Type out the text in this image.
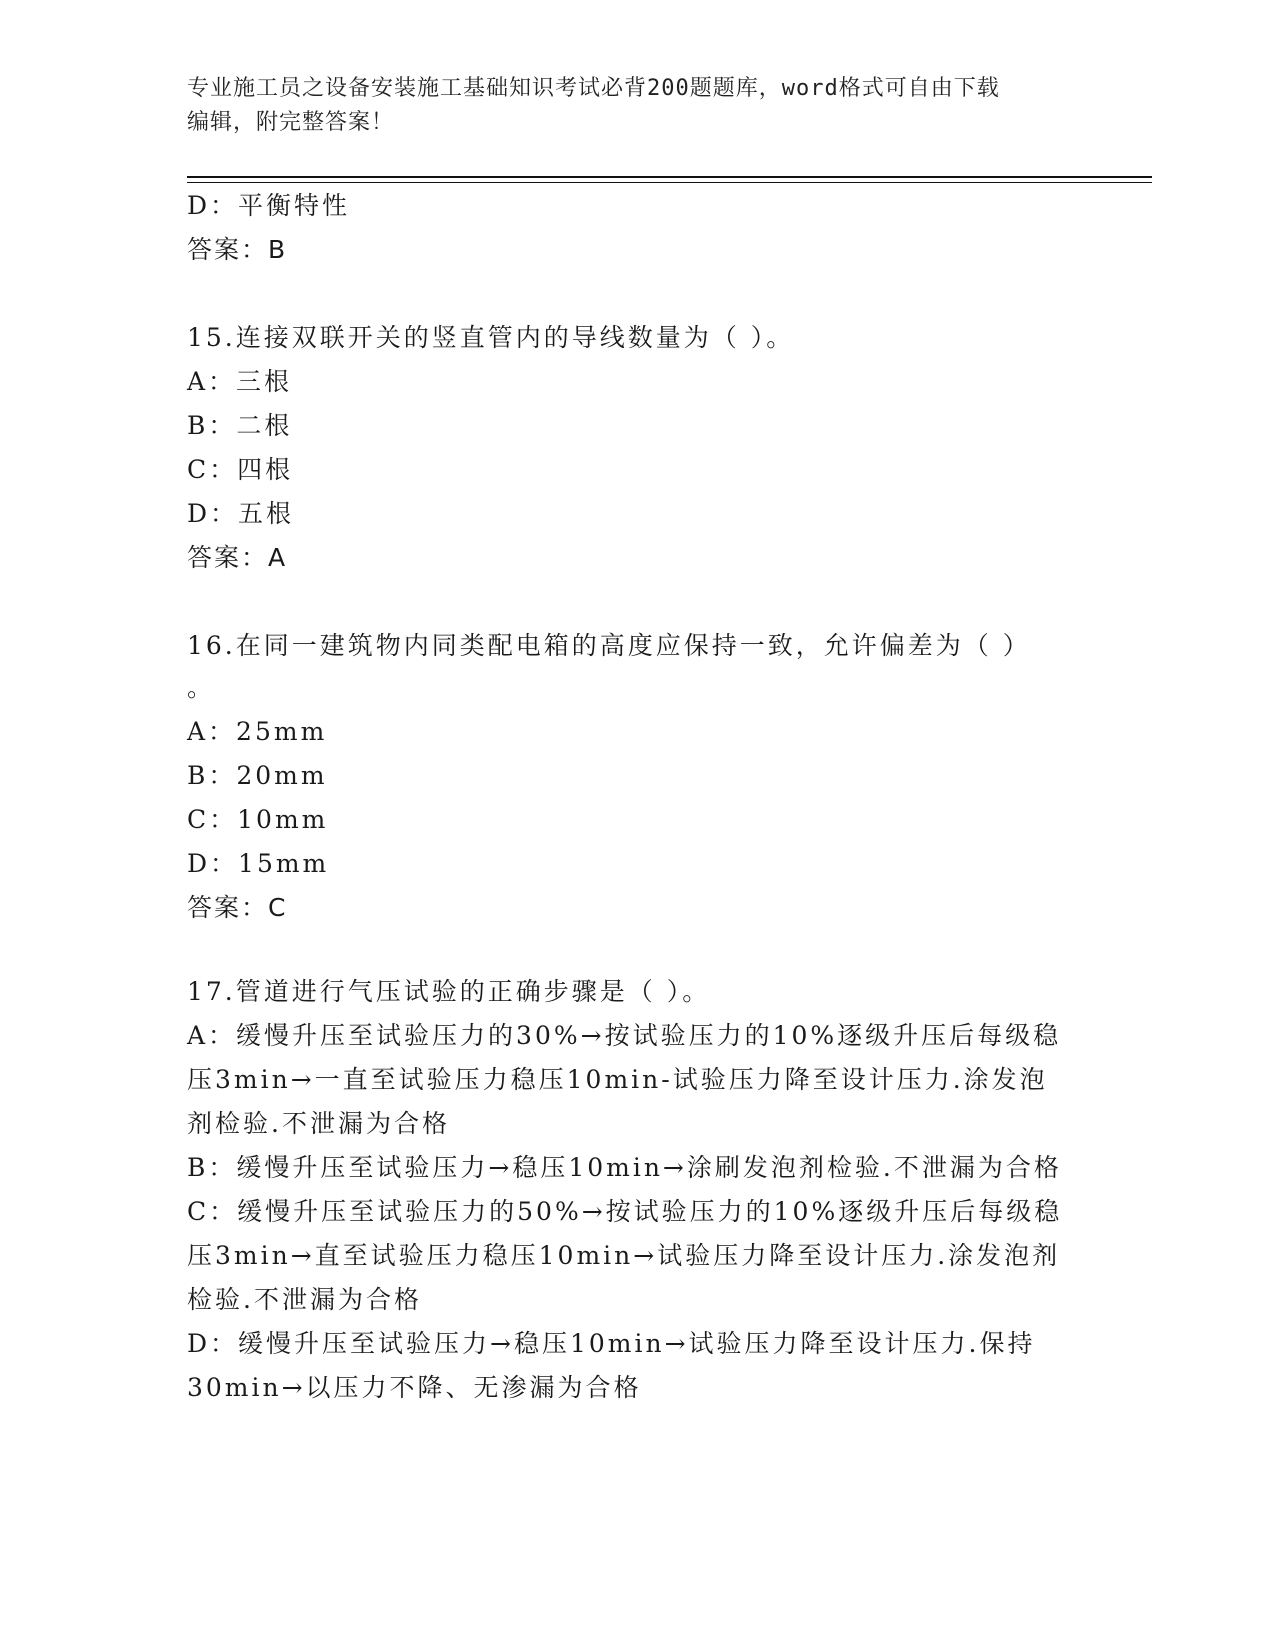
专业施工员之设备安装施工基础知识考试必背200题题库，word格式可自由下载
编辑，附完整答案！
D：平衡特性
答案：B
15.连接双联开关的竖直管内的导线数量为（ ）。
A：三根
B：二根
C：四根
D：五根
答案：A
16.在同一建筑物内同类配电箱的高度应保持一致，允许偏差为（ ）
。
A：25mm
B：20mm
C：10mm
D：15mm
答案：C
17.管道进行气压试验的正确步骤是（ ）。
A：缓慢升压至试验压力的30%→按试验压力的10%逐级升压后每级稳
压3min→一直至试验压力稳压10min-试验压力降至设计压力.涂发泡
剂检验.不泄漏为合格
B：缓慢升压至试验压力→稳压10min→涂刷发泡剂检验.不泄漏为合格
C：缓慢升压至试验压力的50%→按试验压力的10%逐级升压后每级稳
压3min→直至试验压力稳压10min→试验压力降至设计压力.涂发泡剂
检验.不泄漏为合格
D：缓慢升压至试验压力→稳压10min→试验压力降至设计压力.保持
30min→以压力不降、无渗漏为合格
